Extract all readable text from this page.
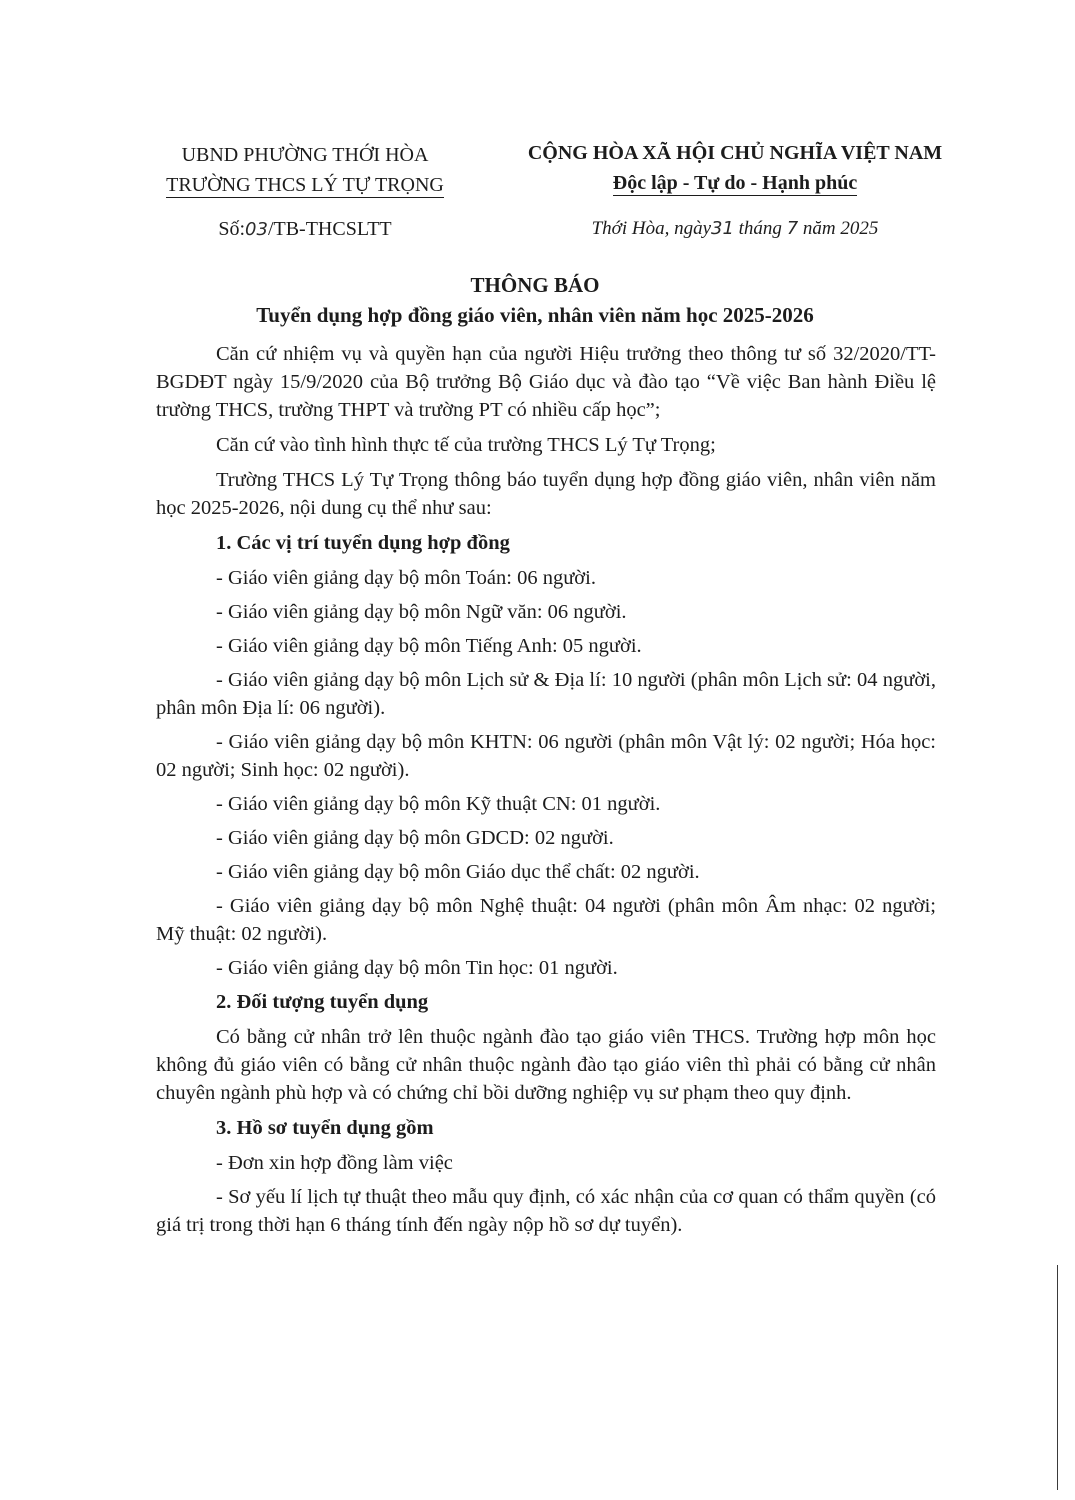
UBND PHƯỜNG THỚI HÒA
TRƯỜNG THCS LÝ TỰ TRỌNG
CỘNG HÒA XÃ HỘI CHỦ NGHĨA VIỆT NAM
Độc lập - Tự do - Hạnh phúc
Số:03/TB-THCSLTT	Thới Hòa, ngày31 tháng 7 năm 2025
THÔNG BÁO
Tuyển dụng hợp đồng giáo viên, nhân viên năm học 2025-2026

Căn cứ nhiệm vụ và quyền hạn của người Hiệu trưởng theo thông tư số 32/2020/TT-BGDĐT ngày 15/9/2020 của Bộ trưởng Bộ Giáo dục và đào tạo “Về việc Ban hành Điều lệ trường THCS, trường THPT và trường PT có nhiều cấp học”;

Căn cứ vào tình hình thực tế của trường THCS Lý Tự Trọng;

Trường THCS Lý Tự Trọng thông báo tuyển dụng hợp đồng giáo viên, nhân viên năm học 2025-2026, nội dung cụ thể như sau:

1. Các vị trí tuyển dụng hợp đồng

- Giáo viên giảng dạy bộ môn Toán: 06 người.

- Giáo viên giảng dạy bộ môn Ngữ văn: 06 người.

- Giáo viên giảng dạy bộ môn Tiếng Anh: 05 người.

- Giáo viên giảng dạy bộ môn Lịch sử & Địa lí: 10 người (phân môn Lịch sử: 04 người, phân môn Địa lí: 06 người).

- Giáo viên giảng dạy bộ môn KHTN: 06 người (phân môn Vật lý: 02 người; Hóa học: 02 người; Sinh học: 02 người).

- Giáo viên giảng dạy bộ môn Kỹ thuật CN: 01 người.

- Giáo viên giảng dạy bộ môn GDCD: 02 người.

- Giáo viên giảng dạy bộ môn Giáo dục thể chất: 02 người.

- Giáo viên giảng dạy bộ môn Nghệ thuật: 04 người (phân môn Âm nhạc: 02 người; Mỹ thuật: 02 người).

- Giáo viên giảng dạy bộ môn Tin học: 01 người.

2. Đối tượng tuyển dụng

Có bằng cử nhân trở lên thuộc ngành đào tạo giáo viên THCS. Trường hợp môn học không đủ giáo viên có bằng cử nhân thuộc ngành đào tạo giáo viên thì phải có bằng cử nhân chuyên ngành phù hợp và có chứng chỉ bồi dưỡng nghiệp vụ sư phạm theo quy định.

3. Hồ sơ tuyển dụng gồm

- Đơn xin hợp đồng làm việc

- Sơ yếu lí lịch tự thuật theo mẫu quy định, có xác nhận của cơ quan có thẩm quyền (có giá trị trong thời hạn 6 tháng tính đến ngày nộp hồ sơ dự tuyển).
